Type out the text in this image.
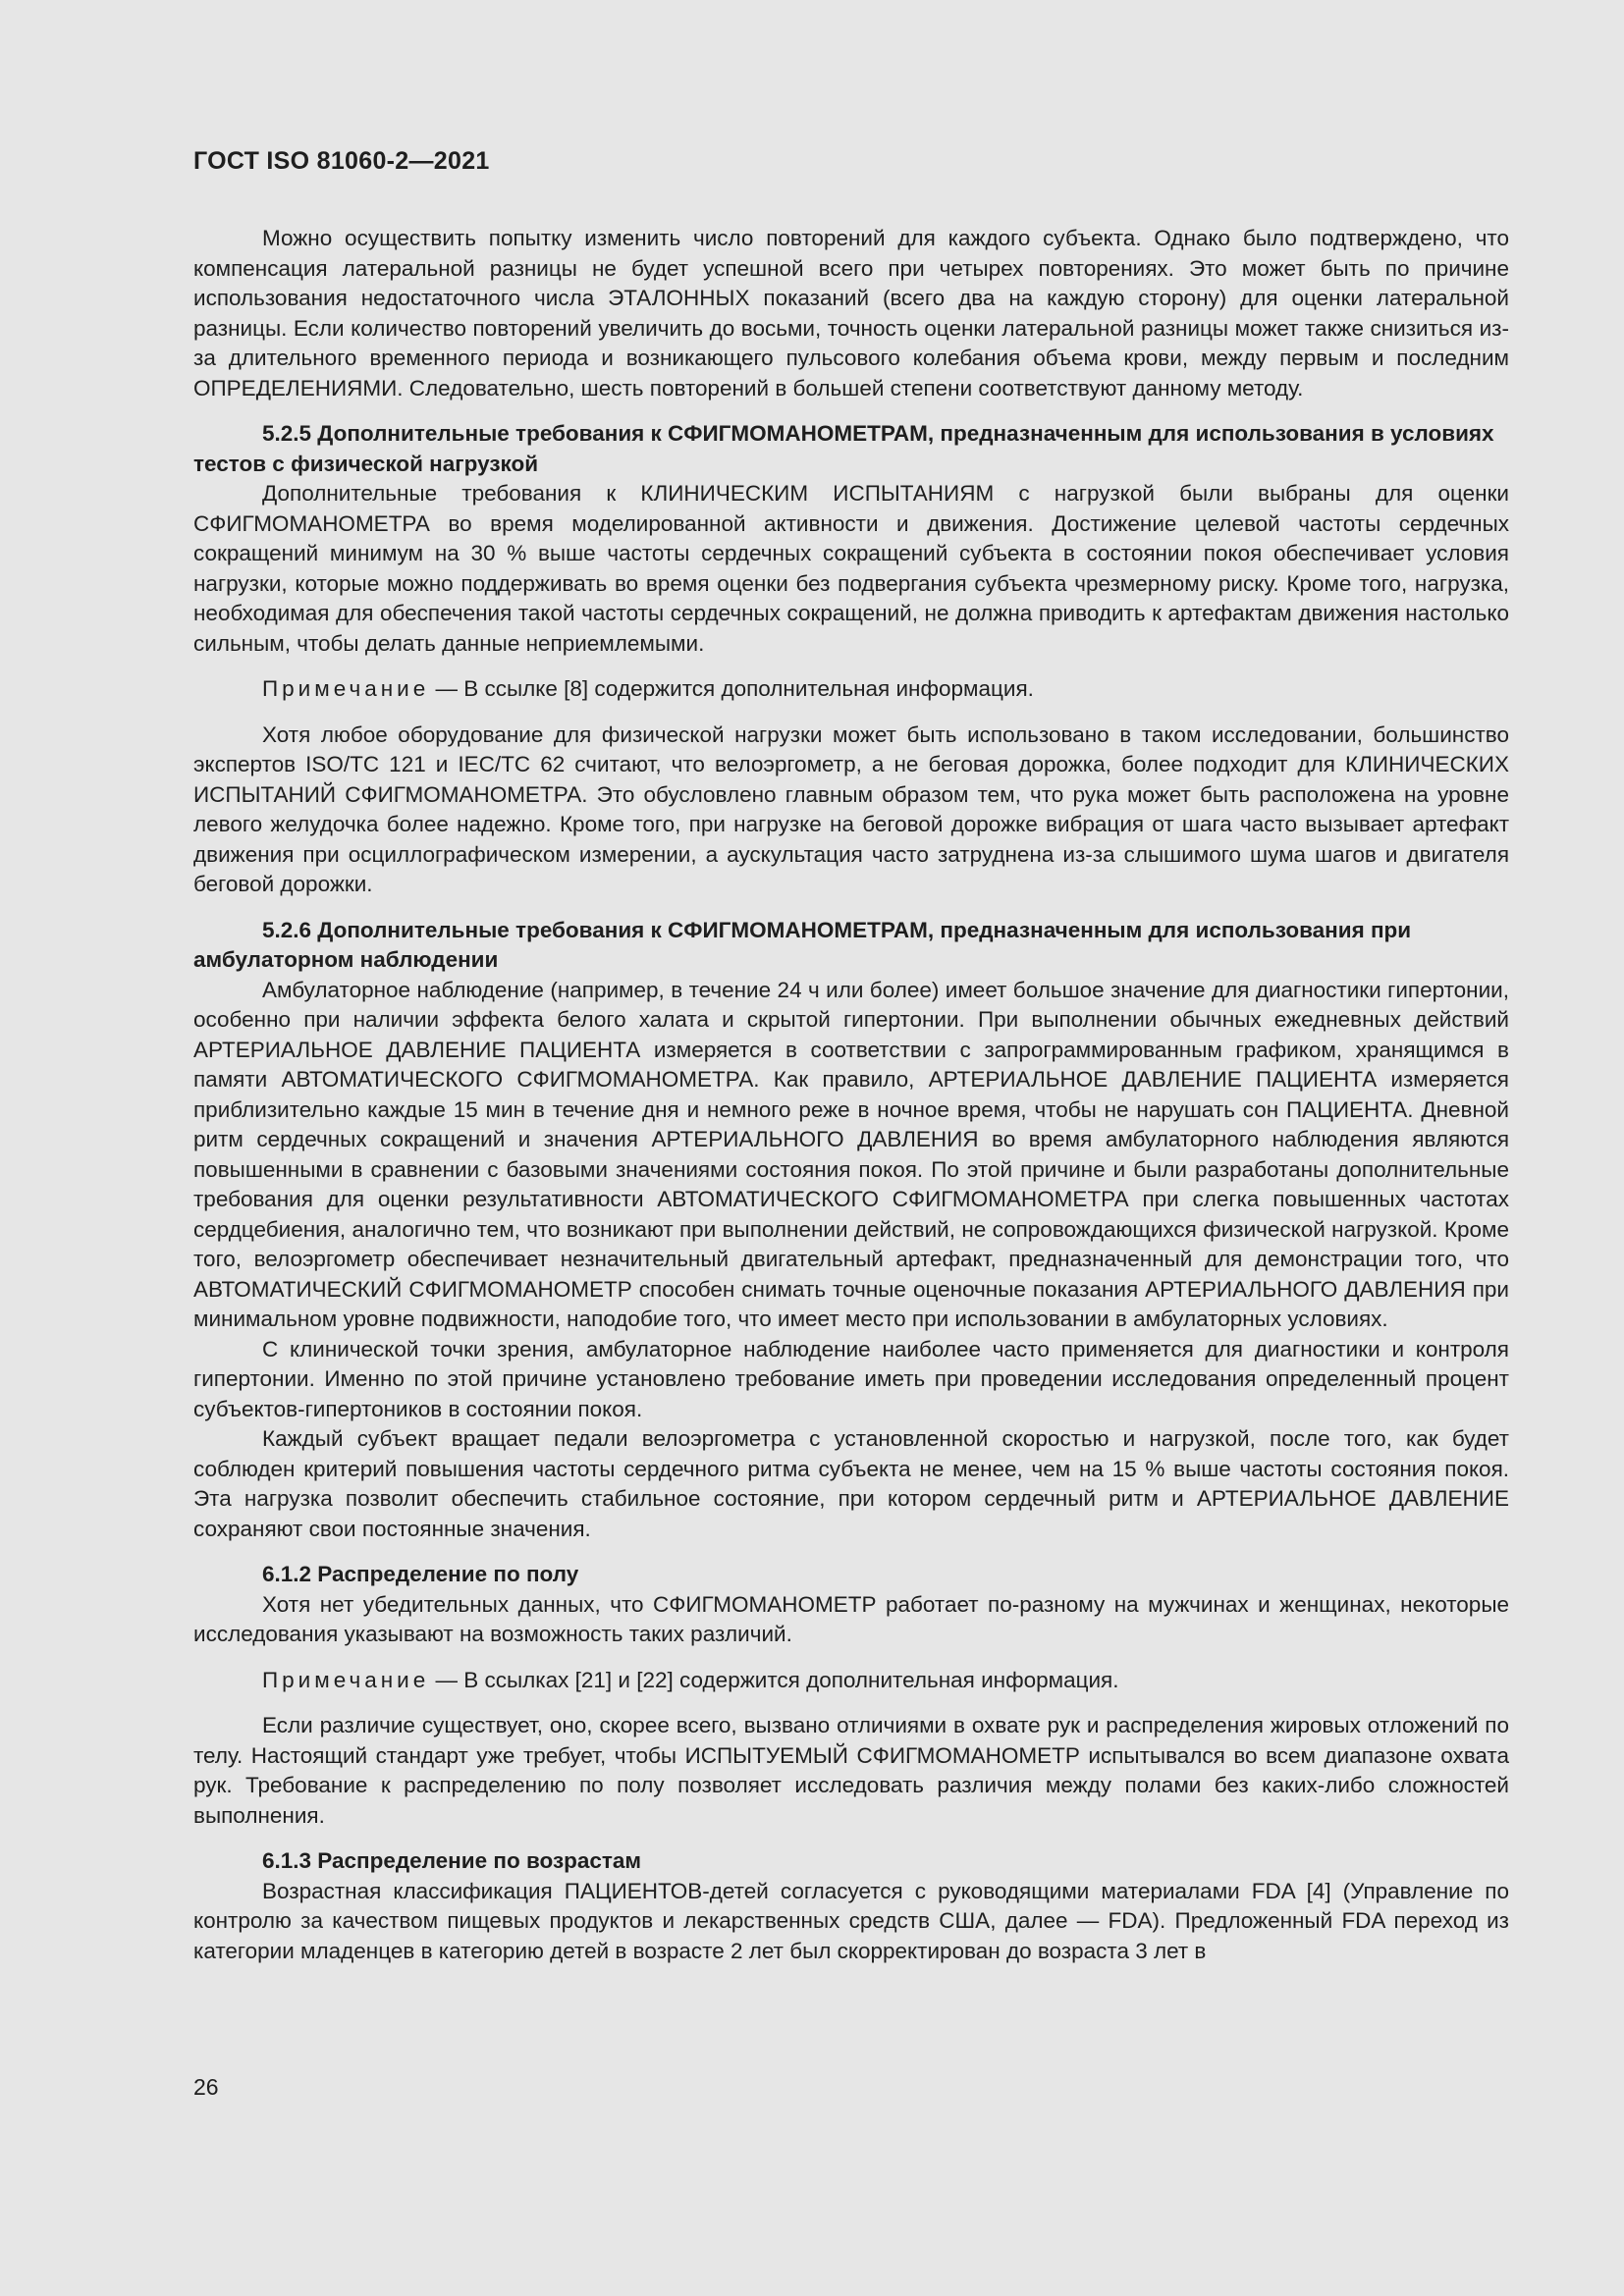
ГОСТ ISO 81060-2—2021

Можно осуществить попытку изменить число повторений для каждого субъекта. Однако было подтверждено, что компенсация латеральной разницы не будет успешной всего при четырех повторениях. Это может быть по причине использования недостаточного числа ЭТАЛОННЫХ показаний (всего два на каждую сторону) для оценки латеральной разницы. Если количество повторений увеличить до восьми, точность оценки латеральной разницы может также снизиться из-за длительного временного периода и возникающего пульсового колебания объема крови, между первым и последним ОПРЕДЕЛЕНИЯМИ. Следовательно, шесть повторений в большей степени соответствуют данному методу.

5.2.5 Дополнительные требования к СФИГМОМАНОМЕТРАМ, предназначенным для использования в условиях тестов с физической нагрузкой

Дополнительные требования к КЛИНИЧЕСКИМ ИСПЫТАНИЯМ с нагрузкой были выбраны для оценки СФИГМОМАНОМЕТРА во время моделированной активности и движения. Достижение целевой частоты сердечных сокращений минимум на 30 % выше частоты сердечных сокращений субъекта в состоянии покоя обеспечивает условия нагрузки, которые можно поддерживать во время оценки без подвергания субъекта чрезмерному риску. Кроме того, нагрузка, необходимая для обеспечения такой частоты сердечных сокращений, не должна приводить к артефактам движения настолько сильным, чтобы делать данные неприемлемыми.

Примечание — В ссылке [8] содержится дополнительная информация.

Хотя любое оборудование для физической нагрузки может быть использовано в таком исследовании, большинство экспертов ISO/TC 121 и IEC/TC 62 считают, что велоэргометр, а не беговая дорожка, более подходит для КЛИНИЧЕСКИХ ИСПЫТАНИЙ СФИГМОМАНОМЕТРА. Это обусловлено главным образом тем, что рука может быть расположена на уровне левого желудочка более надежно. Кроме того, при нагрузке на беговой дорожке вибрация от шага часто вызывает артефакт движения при осциллографическом измерении, а аускультация часто затруднена из-за слышимого шума шагов и двигателя беговой дорожки.

5.2.6 Дополнительные требования к СФИГМОМАНОМЕТРАМ, предназначенным для использования при амбулаторном наблюдении

Амбулаторное наблюдение (например, в течение 24 ч или более) имеет большое значение для диагностики гипертонии, особенно при наличии эффекта белого халата и скрытой гипертонии. При выполнении обычных ежедневных действий АРТЕРИАЛЬНОЕ ДАВЛЕНИЕ ПАЦИЕНТА измеряется в соответствии с запрограммированным графиком, хранящимся в памяти АВТОМАТИЧЕСКОГО СФИГМОМАНОМЕТРА. Как правило, АРТЕРИАЛЬНОЕ ДАВЛЕНИЕ ПАЦИЕНТА измеряется приблизительно каждые 15 мин в течение дня и немного реже в ночное время, чтобы не нарушать сон ПАЦИЕНТА. Дневной ритм сердечных сокращений и значения АРТЕРИАЛЬНОГО ДАВЛЕНИЯ во время амбулаторного наблюдения являются повышенными в сравнении с базовыми значениями состояния покоя. По этой причине и были разработаны дополнительные требования для оценки результативности АВТОМАТИЧЕСКОГО СФИГМОМАНОМЕТРА при слегка повышенных частотах сердцебиения, аналогично тем, что возникают при выполнении действий, не сопровождающихся физической нагрузкой. Кроме того, велоэргометр обеспечивает незначительный двигательный артефакт, предназначенный для демонстрации того, что АВТОМАТИЧЕСКИЙ СФИГМОМАНОМЕТР способен снимать точные оценочные показания АРТЕРИАЛЬНОГО ДАВЛЕНИЯ при минимальном уровне подвижности, наподобие того, что имеет место при использовании в амбулаторных условиях.

С клинической точки зрения, амбулаторное наблюдение наиболее часто применяется для диагностики и контроля гипертонии. Именно по этой причине установлено требование иметь при проведении исследования определенный процент субъектов-гипертоников в состоянии покоя.

Каждый субъект вращает педали велоэргометра с установленной скоростью и нагрузкой, после того, как будет соблюден критерий повышения частоты сердечного ритма субъекта не менее, чем на 15 % выше частоты состояния покоя. Эта нагрузка позволит обеспечить стабильное состояние, при котором сердечный ритм и АРТЕРИАЛЬНОЕ ДАВЛЕНИЕ сохраняют свои постоянные значения.

6.1.2 Распределение по полу

Хотя нет убедительных данных, что СФИГМОМАНОМЕТР работает по-разному на мужчинах и женщинах, некоторые исследования указывают на возможность таких различий.

Примечание — В ссылках [21] и [22] содержится дополнительная информация.

Если различие существует, оно, скорее всего, вызвано отличиями в охвате рук и распределения жировых отложений по телу. Настоящий стандарт уже требует, чтобы ИСПЫТУЕМЫЙ СФИГМОМАНОМЕТР испытывался во всем диапазоне охвата рук. Требование к распределению по полу позволяет исследовать различия между полами без каких-либо сложностей выполнения.

6.1.3 Распределение по возрастам

Возрастная классификация ПАЦИЕНТОВ-детей согласуется с руководящими материалами FDA [4] (Управление по контролю за качеством пищевых продуктов и лекарственных средств США, далее — FDA). Предложенный FDA переход из категории младенцев в категорию детей в возрасте 2 лет был скорректирован до возраста 3 лет в

26
